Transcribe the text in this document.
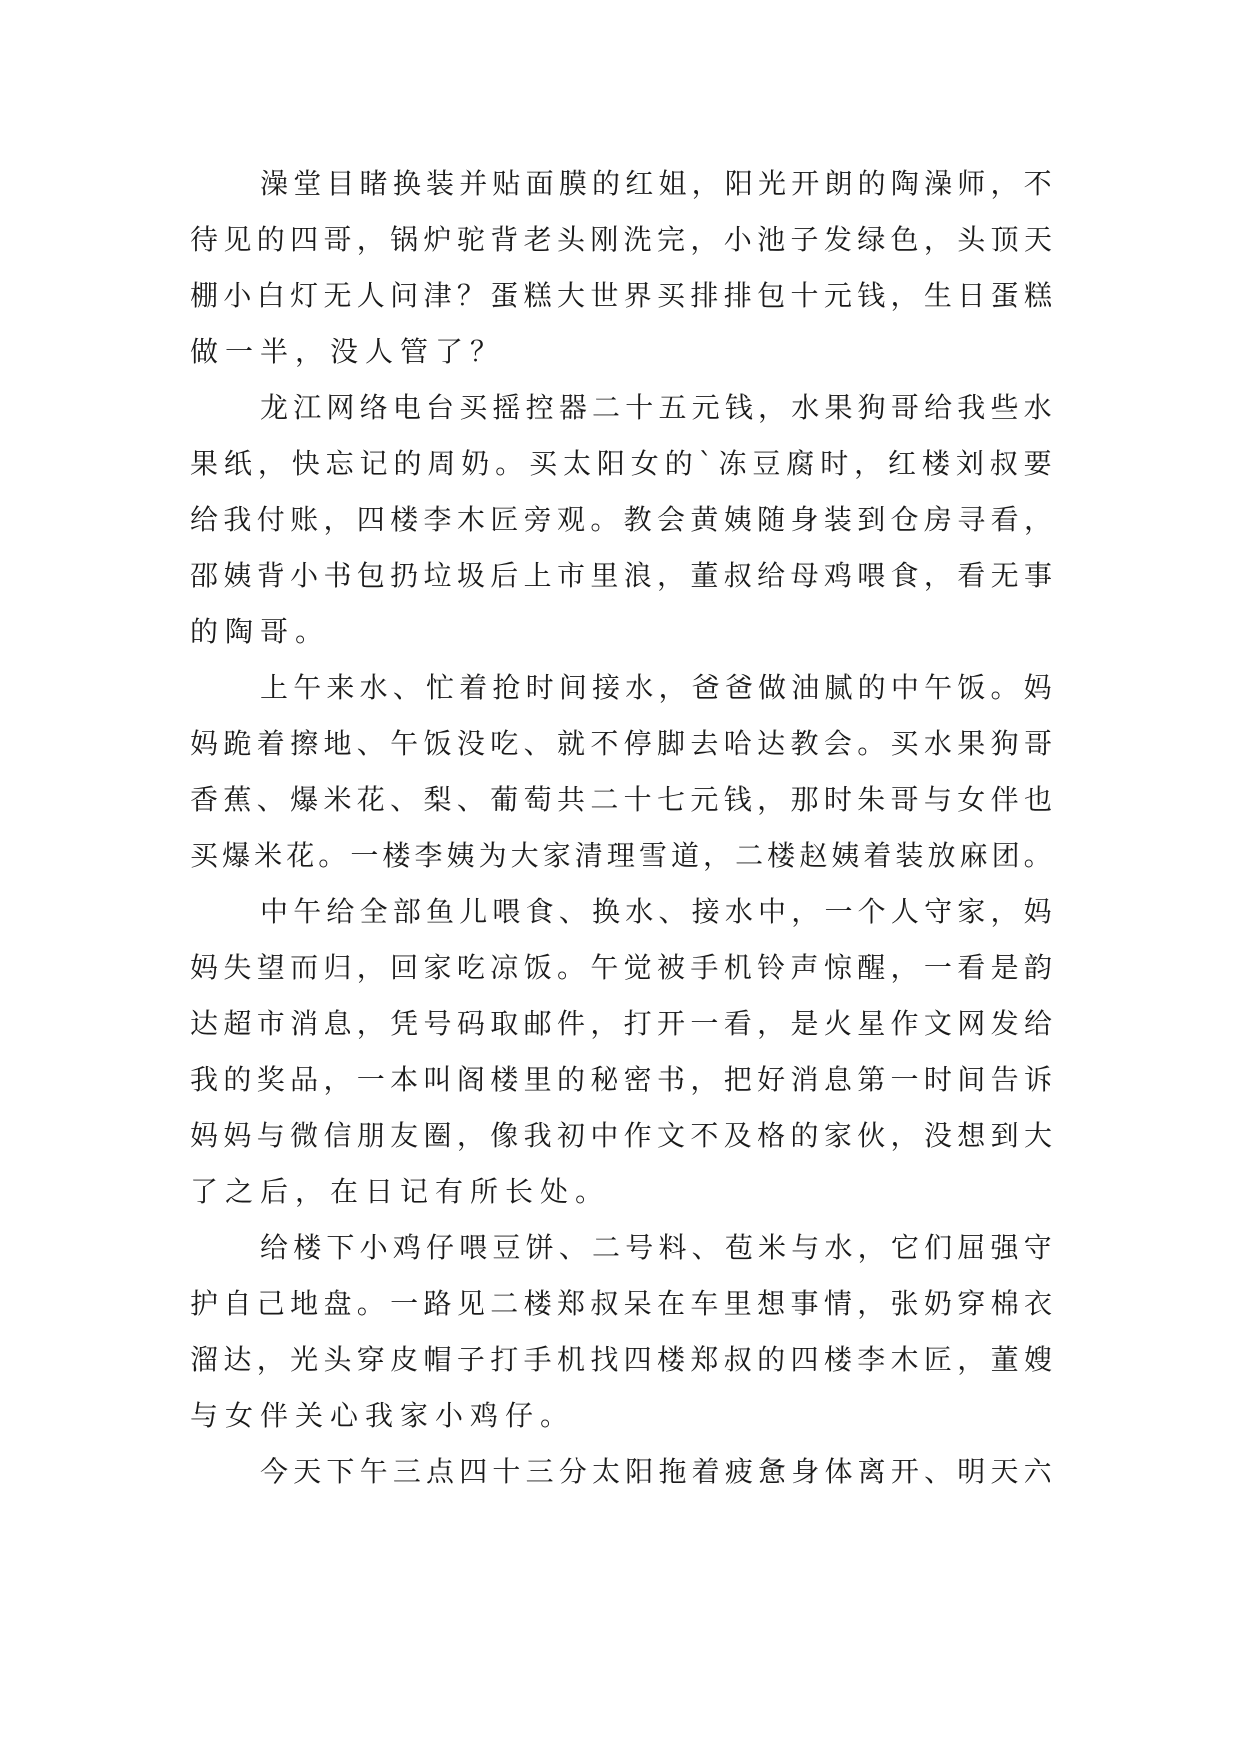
澡 堂 目 睹 换 装 并 贴 面 膜 的 红 姐 ， 阳 光 开 朗 的 陶 澡 师 ， 不
待 见 的 四 哥 ， 锅 炉 驼 背 老 头 刚 洗 完 ， 小 池 子 发 绿 色 ， 头 顶 天
棚 小 白 灯 无 人 问 津 ？ 蛋 糕 大 世 界 买 排 排 包 十 元 钱 ， 生 日 蛋 糕
做一半，没人管了？
龙 江 网 络 电 台 买 摇 控 器 二 十 五 元 钱 ， 水 果 狗 哥 给 我 些 水
果 纸 ， 快 忘 记 的 周 奶 。 买 太 阳 女 的 ` 冻 豆 腐 时 ， 红 楼 刘 叔 要
给 我 付 账 ， 四 楼 李 木 匠 旁 观 。 教 会 黄 姨 随 身 装 到 仓 房 寻 看 ，
邵 姨 背 小 书 包 扔 垃 圾 后 上 市 里 浪 ， 董 叔 给 母 鸡 喂 食 ， 看 无 事
的陶哥。
上 午 来 水 、 忙 着 抢 时 间 接 水 ， 爸 爸 做 油 腻 的 中 午 饭 。 妈
妈 跪 着 擦 地 、 午 饭 没 吃 、 就 不 停 脚 去 哈 达 教 会 。 买 水 果 狗 哥
香 蕉 、 爆 米 花 、 梨 、 葡 萄 共 二 十 七 元 钱 ， 那 时 朱 哥 与 女 伴 也
买 爆 米 花 。 一 楼 李 姨 为 大 家 清 理 雪 道 ， 二 楼 赵 姨 着 装 放 麻 团 。
中 午 给 全 部 鱼 儿 喂 食 、 换 水 、 接 水 中 ， 一 个 人 守 家 ， 妈
妈 失 望 而 归 ， 回 家 吃 凉 饭 。 午 觉 被 手 机 铃 声 惊 醒 ， 一 看 是 韵
达 超 市 消 息 ， 凭 号 码 取 邮 件 ， 打 开 一 看 ， 是 火 星 作 文 网 发 给
我 的 奖 品 ， 一 本 叫 阁 楼 里 的 秘 密 书 ， 把 好 消 息 第 一 时 间 告 诉
妈 妈 与 微 信 朋 友 圈 ， 像 我 初 中 作 文 不 及 格 的 家 伙 ， 没 想 到 大
了之后，在日记有所长处。
给 楼 下 小 鸡 仔 喂 豆 饼 、 二 号 料 、 苞 米 与 水 ， 它 们 屈 强 守
护 自 己 地 盘 。 一 路 见 二 楼 郑 叔 呆 在 车 里 想 事 情 ， 张 奶 穿 棉 衣
溜 达 ， 光 头 穿 皮 帽 子 打 手 机 找 四 楼 郑 叔 的 四 楼 李 木 匠 ， 董 嫂
与女伴关心我家小鸡仔。
今 天 下 午 三 点 四 十 三 分 太 阳 拖 着 疲 惫 身 体 离 开 、 明 天 六
